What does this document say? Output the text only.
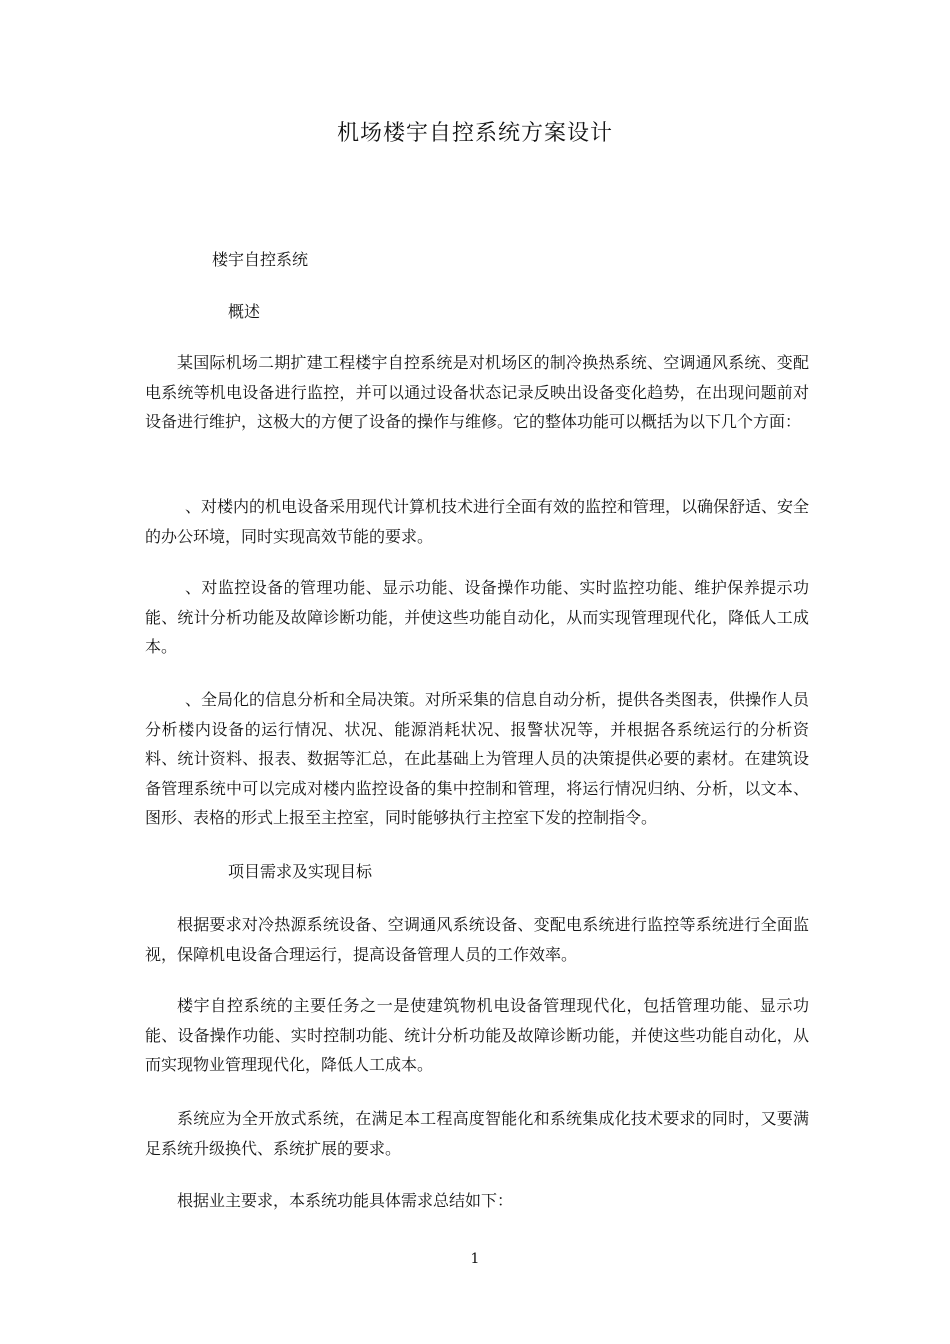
机场楼宇自控系统方案设计
楼宇自控系统
概述

某国际机场二期扩建工程楼宇自控系统是对机场区的制冷换热系统、空调通风系统、变配电系统等机电设备进行监控，并可以通过设备状态记录反映出设备变化趋势，在出现问题前对设备进行维护，这极大的方便了设备的操作与维修。它的整体功能可以概括为以下几个方面：

、对楼内的机电设备采用现代计算机技术进行全面有效的监控和管理，以确保舒适、安全的办公环境，同时实现高效节能的要求。

、对监控设备的管理功能、显示功能、设备操作功能、实时监控功能、维护保养提示功能、统计分析功能及故障诊断功能，并使这些功能自动化，从而实现管理现代化，降低人工成本。

、全局化的信息分析和全局决策。对所采集的信息自动分析，提供各类图表，供操作人员分析楼内设备的运行情况、状况、能源消耗状况、报警状况等，并根据各系统运行的分析资料、统计资料、报表、数据等汇总，在此基础上为管理人员的决策提供必要的素材。在建筑设备管理系统中可以完成对楼内监控设备的集中控制和管理，将运行情况归纳、分析，以文本、图形、表格的形式上报至主控室，同时能够执行主控室下发的控制指令。

项目需求及实现目标

根据要求对冷热源系统设备、空调通风系统设备、变配电系统进行监控等系统进行全面监视，保障机电设备合理运行，提高设备管理人员的工作效率。

楼宇自控系统的主要任务之一是使建筑物机电设备管理现代化，包括管理功能、显示功能、设备操作功能、实时控制功能、统计分析功能及故障诊断功能，并使这些功能自动化，从而实现物业管理现代化，降低人工成本。

系统应为全开放式系统，在满足本工程高度智能化和系统集成化技术要求的同时，又要满足系统升级换代、系统扩展的要求。

根据业主要求，本系统功能具体需求总结如下：

1
